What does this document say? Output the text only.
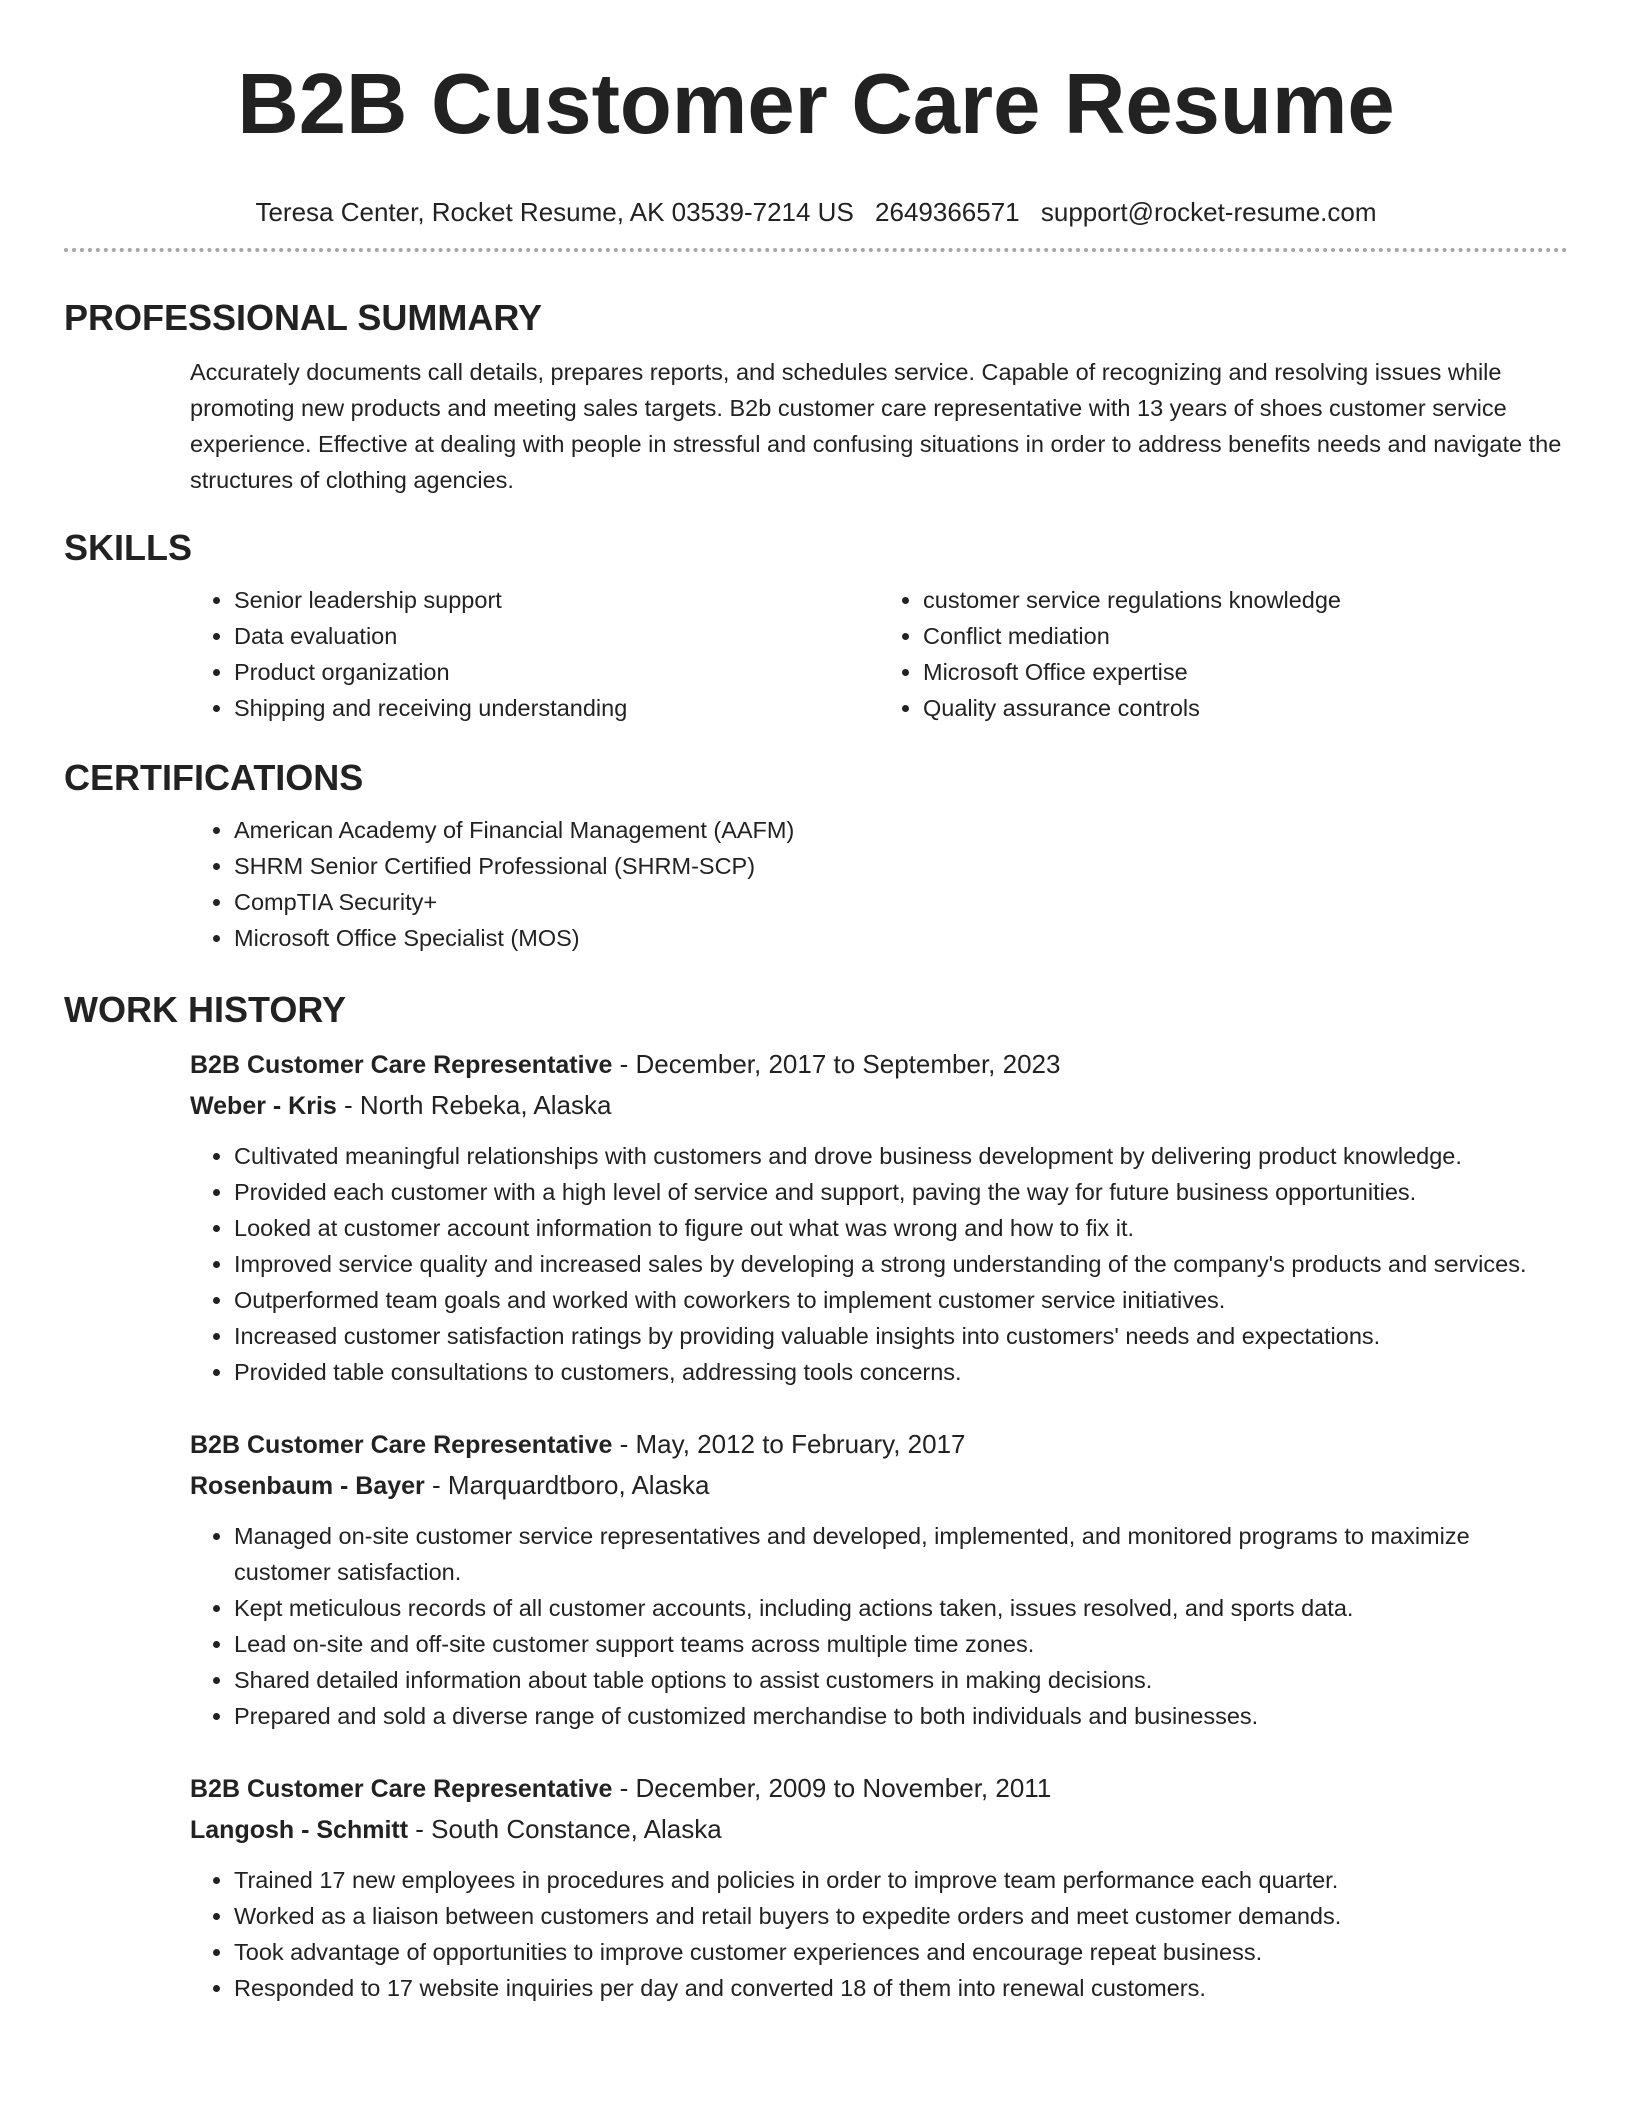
B2B Customer Care Resume
Teresa Center, Rocket Resume, AK 03539-7214 US 2649366571 support@rocket-resume.com
PROFESSIONAL SUMMARY

Accurately documents call details, prepares reports, and schedules service. Capable of recognizing and resolving issues while promoting new products and meeting sales targets. B2b customer care representative with 13 years of shoes customer service experience. Effective at dealing with people in stressful and confusing situations in order to address benefits needs and navigate the structures of clothing agencies.

SKILLS
• Senior leadership support
• Data evaluation
• Product organization
• Shipping and receiving understanding
• customer service regulations knowledge
• Conflict mediation
• Microsoft Office expertise
• Quality assurance controls
CERTIFICATIONS
• American Academy of Financial Management (AAFM)
• SHRM Senior Certified Professional (SHRM-SCP)
• CompTIA Security+
• Microsoft Office Specialist (MOS)
WORK HISTORY
B2B Customer Care Representative - December, 2017 to September, 2023
Weber - Kris - North Rebeka, Alaska
• Cultivated meaningful relationships with customers and drove business development by delivering product knowledge.
• Provided each customer with a high level of service and support, paving the way for future business opportunities.
• Looked at customer account information to figure out what was wrong and how to fix it.
• Improved service quality and increased sales by developing a strong understanding of the company's products and services.
• Outperformed team goals and worked with coworkers to implement customer service initiatives.
• Increased customer satisfaction ratings by providing valuable insights into customers' needs and expectations.
• Provided table consultations to customers, addressing tools concerns.
B2B Customer Care Representative - May, 2012 to February, 2017
Rosenbaum - Bayer - Marquardtboro, Alaska
• Managed on-site customer service representatives and developed, implemented, and monitored programs to maximize customer satisfaction.
• Kept meticulous records of all customer accounts, including actions taken, issues resolved, and sports data.
• Lead on-site and off-site customer support teams across multiple time zones.
• Shared detailed information about table options to assist customers in making decisions.
• Prepared and sold a diverse range of customized merchandise to both individuals and businesses.
B2B Customer Care Representative - December, 2009 to November, 2011
Langosh - Schmitt - South Constance, Alaska
• Trained 17 new employees in procedures and policies in order to improve team performance each quarter.
• Worked as a liaison between customers and retail buyers to expedite orders and meet customer demands.
• Took advantage of opportunities to improve customer experiences and encourage repeat business.
• Responded to 17 website inquiries per day and converted 18 of them into renewal customers.
